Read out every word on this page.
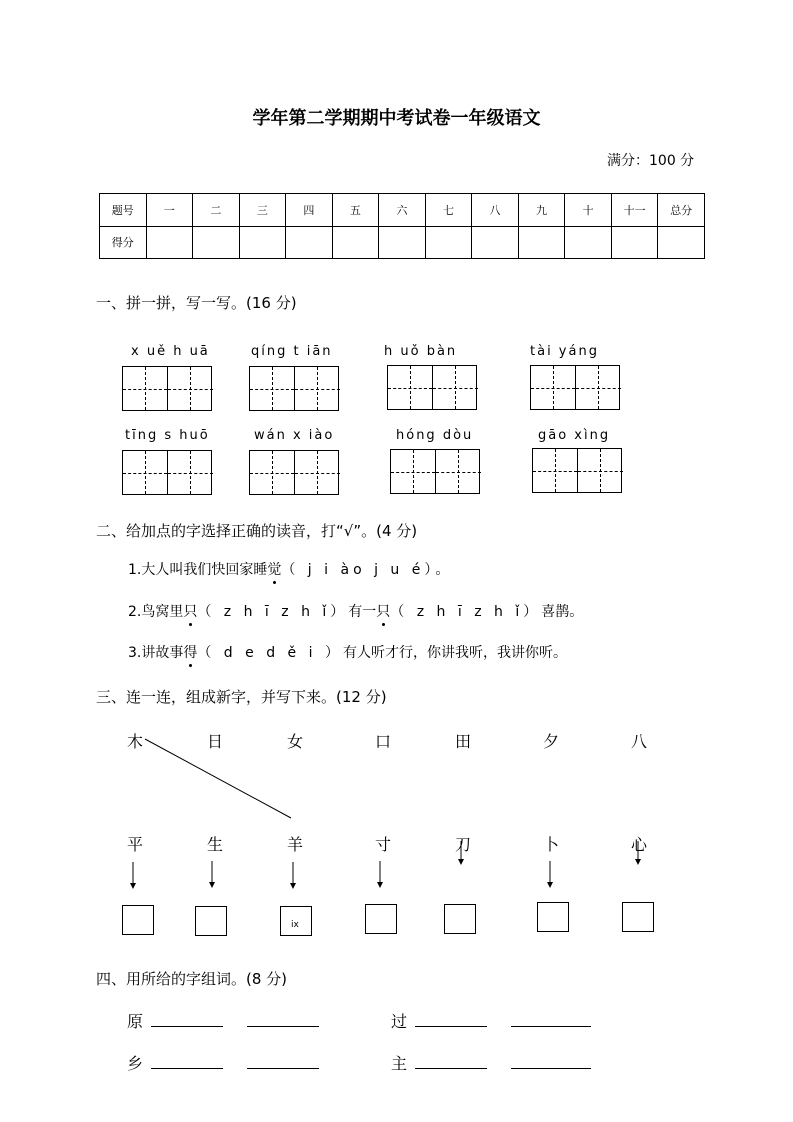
学年第二学期期中考试卷一年级语文
满分：100 分
题号	一	二	三	四	五	六	七	八	九	十	十一	总分
得分												
一、拼一拼，写一写。(16 分)
x uě h uā	qíng t iān	h uǒ bàn	tài yáng
tīng s huō	wán x iào	hóng dòu	gāo xìng
二、给加点的字选择正确的读音，打“√”。(4 分)
1.大人叫我们快回家睡觉（ j i ào j u é）。
2.鸟窝里只（ z h ī z h ǐ）有一只（ z h ī z h ǐ）喜鹊。
3.讲故事得（ d e d ě i ）有人听才行，你讲我听，我讲你听。
三、连一连，组成新字，并写下来。(12 分)
木	日	女	口	田	夕	八
平	生	羊	寸	刀	卜	心
ix
四、用所给的字组词。(8 分)
原	过
乡	主
